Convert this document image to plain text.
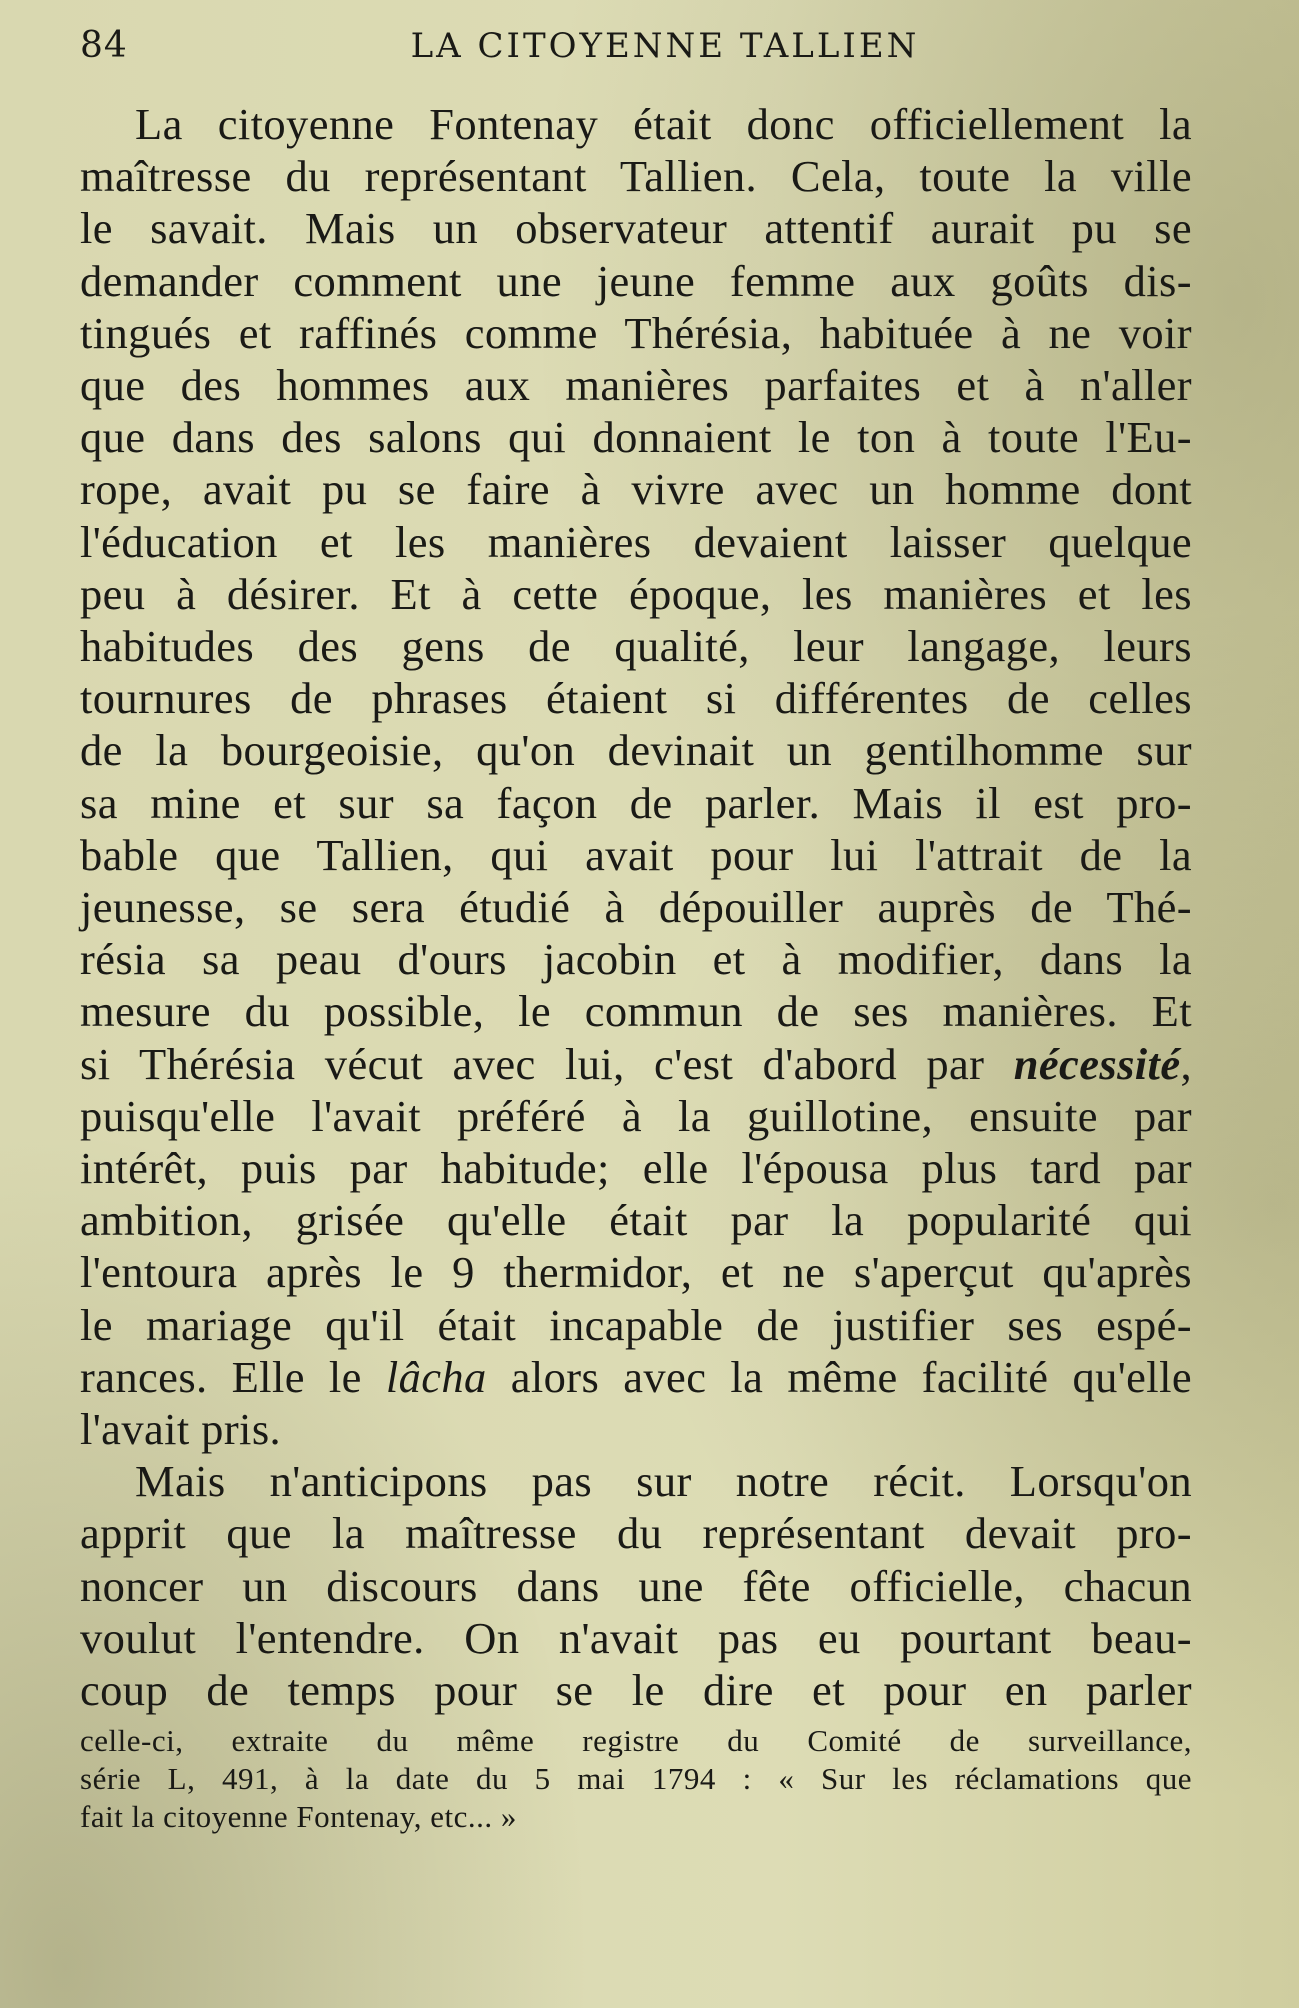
84	LA CITOYENNE TALLIEN
La citoyenne Fontenay était donc officiellement la
maîtresse du représentant Tallien. Cela, toute la ville
le savait. Mais un observateur attentif aurait pu se
demander comment une jeune femme aux goûts dis-
tingués et raffinés comme Thérésia, habituée à ne voir
que des hommes aux manières parfaites et à n'aller
que dans des salons qui donnaient le ton à toute l'Eu-
rope, avait pu se faire à vivre avec un homme dont
l'éducation et les manières devaient laisser quelque
peu à désirer. Et à cette époque, les manières et les
habitudes des gens de qualité, leur langage, leurs
tournures de phrases étaient si différentes de celles
de la bourgeoisie, qu'on devinait un gentilhomme sur
sa mine et sur sa façon de parler. Mais il est pro-
bable que Tallien, qui avait pour lui l'attrait de la
jeunesse, se sera étudié à dépouiller auprès de Thé-
résia sa peau d'ours jacobin et à modifier, dans la
mesure du possible, le commun de ses manières. Et
si Thérésia vécut avec lui, c'est d'abord par nécessité,
puisqu'elle l'avait préféré à la guillotine, ensuite par
intérêt, puis par habitude; elle l'épousa plus tard par
ambition, grisée qu'elle était par la popularité qui
l'entoura après le 9 thermidor, et ne s'aperçut qu'après
le mariage qu'il était incapable de justifier ses espé-
rances. Elle le lâcha alors avec la même facilité qu'elle
l'avait pris.
Mais n'anticipons pas sur notre récit. Lorsqu'on
apprit que la maîtresse du représentant devait pro-
noncer un discours dans une fête officielle, chacun
voulut l'entendre. On n'avait pas eu pourtant beau-
coup de temps pour se le dire et pour en parler
celle-ci, extraite du même registre du Comité de surveillance,
série L, 491, à la date du 5 mai 1794 : « Sur les réclamations que
fait la citoyenne Fontenay, etc... »
